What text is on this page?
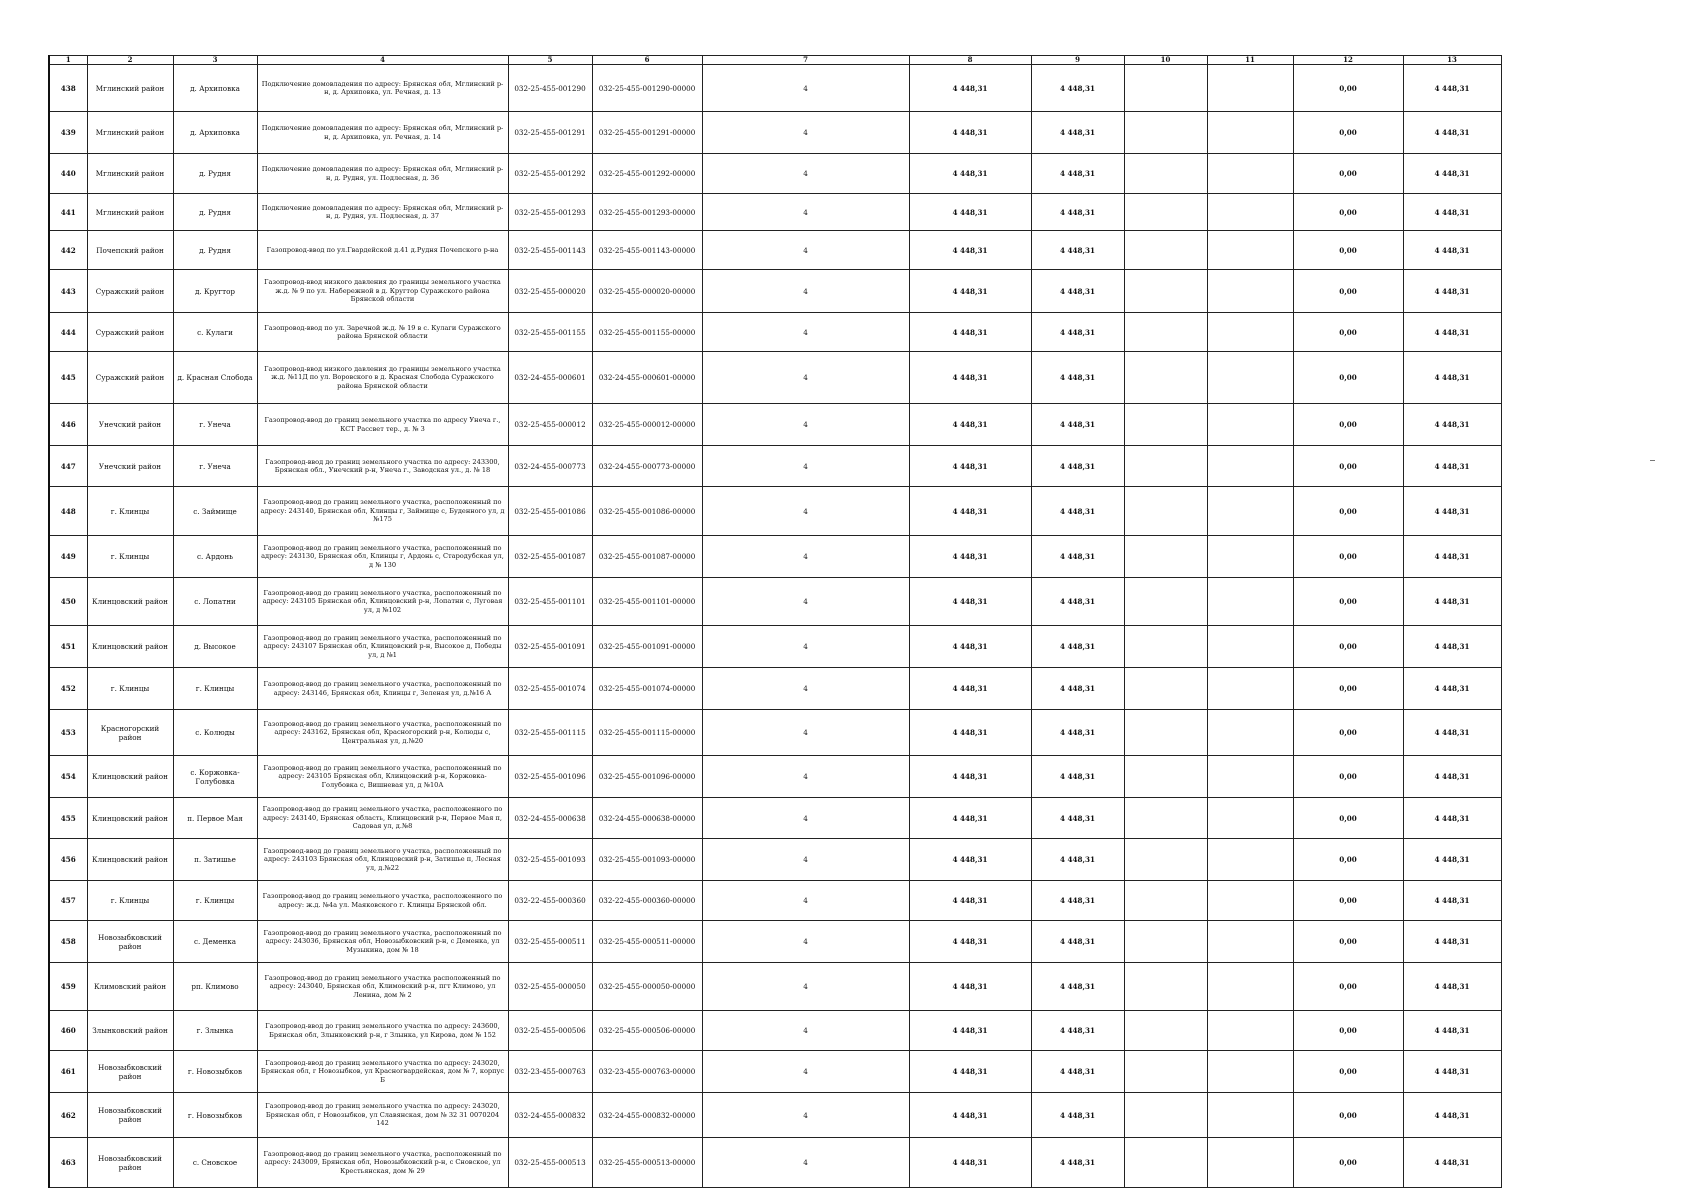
1	2	3	4	5	6	7	8	9	10	11	12	13
438	Мглинский район	д. Архиповка	Подключение домовладения по адресу: Брянская обл, Мглинский р-н, д. Архиповка, ул. Речная, д. 13	032-25-455-001290	032-25-455-001290-00000	4	4 448,31	4 448,31			0,00	4 448,31
439	Мглинский район	д. Архиповка	Подключение домовладения по адресу: Брянская обл, Мглинский р-н, д. Архиповка, ул. Речная, д. 14	032-25-455-001291	032-25-455-001291-00000	4	4 448,31	4 448,31			0,00	4 448,31
440	Мглинский район	д. Рудня	Подключение домовладения по адресу: Брянская обл, Мглинский р-н, д. Рудня, ул. Подлесная, д. 36	032-25-455-001292	032-25-455-001292-00000	4	4 448,31	4 448,31			0,00	4 448,31
441	Мглинский район	д. Рудня	Подключение домовладения по адресу: Брянская обл, Мглинский р-н, д. Рудня, ул. Подлесная, д. 37	032-25-455-001293	032-25-455-001293-00000	4	4 448,31	4 448,31			0,00	4 448,31
442	Почепский район	д. Рудня	Газопровод-ввод по ул.Гвардейской д.41 д.Рудня Почепского р-на	032-25-455-001143	032-25-455-001143-00000	4	4 448,31	4 448,31			0,00	4 448,31
443	Суражский район	д. Кругтор	Газопровод-ввод низкого давления до границы земельного участка ж.д. № 9 по ул. Набережной в д. Кругтор Суражского района Брянской области	032-25-455-000020	032-25-455-000020-00000	4	4 448,31	4 448,31			0,00	4 448,31
444	Суражский район	с. Кулаги	Газопровод-ввод по ул. Заречной ж.д. № 19 в с. Кулаги Суражского района Брянской области	032-25-455-001155	032-25-455-001155-00000	4	4 448,31	4 448,31			0,00	4 448,31
445	Суражский район	д. Красная Слобода	Газопровод-ввод низкого давления до границы земельного участка ж.д. №11Д по ул. Воровского в д. Красная Слобода Суражского района Брянской области	032-24-455-000601	032-24-455-000601-00000	4	4 448,31	4 448,31			0,00	4 448,31
446	Унечский район	г. Унеча	Газопровод-ввод до границ земельного участка по адресу Унеча г., КСТ Рассвет тер., д. № 3	032-25-455-000012	032-25-455-000012-00000	4	4 448,31	4 448,31			0,00	4 448,31
447	Унечский район	г. Унеча	Газопровод-ввод до границ земельного участка по адресу: 243300, Брянская обл., Унечский р-н, Унеча г., Заводская ул., д. № 18	032-24-455-000773	032-24-455-000773-00000	4	4 448,31	4 448,31			0,00	4 448,31
448	г. Клинцы	с. Займище	Газопровод-ввод до границ земельного участка, расположенный по адресу: 243140, Брянская обл, Клинцы г, Займище с, Буденного ул, д №175	032-25-455-001086	032-25-455-001086-00000	4	4 448,31	4 448,31			0,00	4 448,31
449	г. Клинцы	с. Ардонь	Газопровод-ввод до границ земельного участка, расположенный по адресу: 243130, Брянская обл, Клинцы г, Ардонь с, Стародубская ул, д № 130	032-25-455-001087	032-25-455-001087-00000	4	4 448,31	4 448,31			0,00	4 448,31
450	Клинцовский район	с. Лопатни	Газопровод-ввод до границ земельного участка, расположенный по адресу: 243105 Брянская обл, Клинцовский р-н, Лопатни с, Луговая ул, д №102	032-25-455-001101	032-25-455-001101-00000	4	4 448,31	4 448,31			0,00	4 448,31
451	Клинцовский район	д. Высокое	Газопровод-ввод до границ земельного участка, расположенный по адресу: 243107 Брянская обл, Клинцовский р-н, Высокое д, Победы ул, д №1	032-25-455-001091	032-25-455-001091-00000	4	4 448,31	4 448,31			0,00	4 448,31
452	г. Клинцы	г. Клинцы	Газопровод-ввод до границ земельного участка, расположенный по адресу: 243146, Брянская обл, Клинцы г, Зеленая ул, д.№16 А	032-25-455-001074	032-25-455-001074-00000	4	4 448,31	4 448,31			0,00	4 448,31
453	Красногорский район	с. Колюды	Газопровод-ввод до границ земельного участка, расположенный по адресу: 243162, Брянская обл, Красногорский р-н, Колюды с, Центральная ул, д.№20	032-25-455-001115	032-25-455-001115-00000	4	4 448,31	4 448,31			0,00	4 448,31
454	Клинцовский район	с. Коржовка-Голубовка	Газопровод-ввод до границ земельного участка, расположенный по адресу: 243105 Брянская обл, Клинцовский р-н, Коржовка-Голубовка с, Вишневая ул, д №10А	032-25-455-001096	032-25-455-001096-00000	4	4 448,31	4 448,31			0,00	4 448,31
455	Клинцовский район	п. Первое Мая	Газопровод-ввод до границ земельного участка, расположенного по адресу: 243140, Брянская область, Клинцовский р-н, Первое Мая п, Садовая ул, д.№8	032-24-455-000638	032-24-455-000638-00000	4	4 448,31	4 448,31			0,00	4 448,31
456	Клинцовский район	п. Затишье	Газопровод-ввод до границ земельного участка, расположенный по адресу: 243103 Брянская обл, Клинцовский р-н, Затишье п, Лесная ул, д.№22	032-25-455-001093	032-25-455-001093-00000	4	4 448,31	4 448,31			0,00	4 448,31
457	г. Клинцы	г. Клинцы	Газопровод-ввод до границ земельного участка, расположенного по адресу: ж.д. №4а ул. Маяковского г. Клинцы Брянской обл.	032-22-455-000360	032-22-455-000360-00000	4	4 448,31	4 448,31			0,00	4 448,31
458	Новозыбковский район	с. Деменка	Газопровод-ввод до границ земельного участка, расположенный по адресу: 243036, Брянская обл, Новозыбковский р-н, с Деменка, ул Музыкина, дом № 18	032-25-455-000511	032-25-455-000511-00000	4	4 448,31	4 448,31			0,00	4 448,31
459	Климовский район	рп. Климово	Газопровод-ввод до границ земельного участка расположенный по адресу: 243040, Брянская обл, Климовский р-н, пгт Климово, ул Ленина, дом № 2	032-25-455-000050	032-25-455-000050-00000	4	4 448,31	4 448,31			0,00	4 448,31
460	Злынковский район	г. Злынка	Газопровод-ввод до границ земельного участка по адресу: 243600, Брянская обл, Злынковский р-н, г Злынка, ул Кирова, дом № 152	032-25-455-000506	032-25-455-000506-00000	4	4 448,31	4 448,31			0,00	4 448,31
461	Новозыбковский район	г. Новозыбков	Газопровод-ввод до границ земельного участка по адресу: 243020, Брянская обл, г Новозыбков, ул Красногвардейская, дом № 7, корпус Б	032-23-455-000763	032-23-455-000763-00000	4	4 448,31	4 448,31			0,00	4 448,31
462	Новозыбковский район	г. Новозыбков	Газопровод-ввод до границ земельного участка по адресу: 243020, Брянская обл, г Новозыбков, ул Славянская, дом № 32 31 0070204 142	032-24-455-000832	032-24-455-000832-00000	4	4 448,31	4 448,31			0,00	4 448,31
463	Новозыбковский район	с. Сновское	Газопровод-ввод до границ земельного участка, расположенный по адресу: 243009, Брянская обл, Новозыбковский р-н, с Сновское, ул Крестьянская, дом № 29	032-25-455-000513	032-25-455-000513-00000	4	4 448,31	4 448,31			0,00	4 448,31
